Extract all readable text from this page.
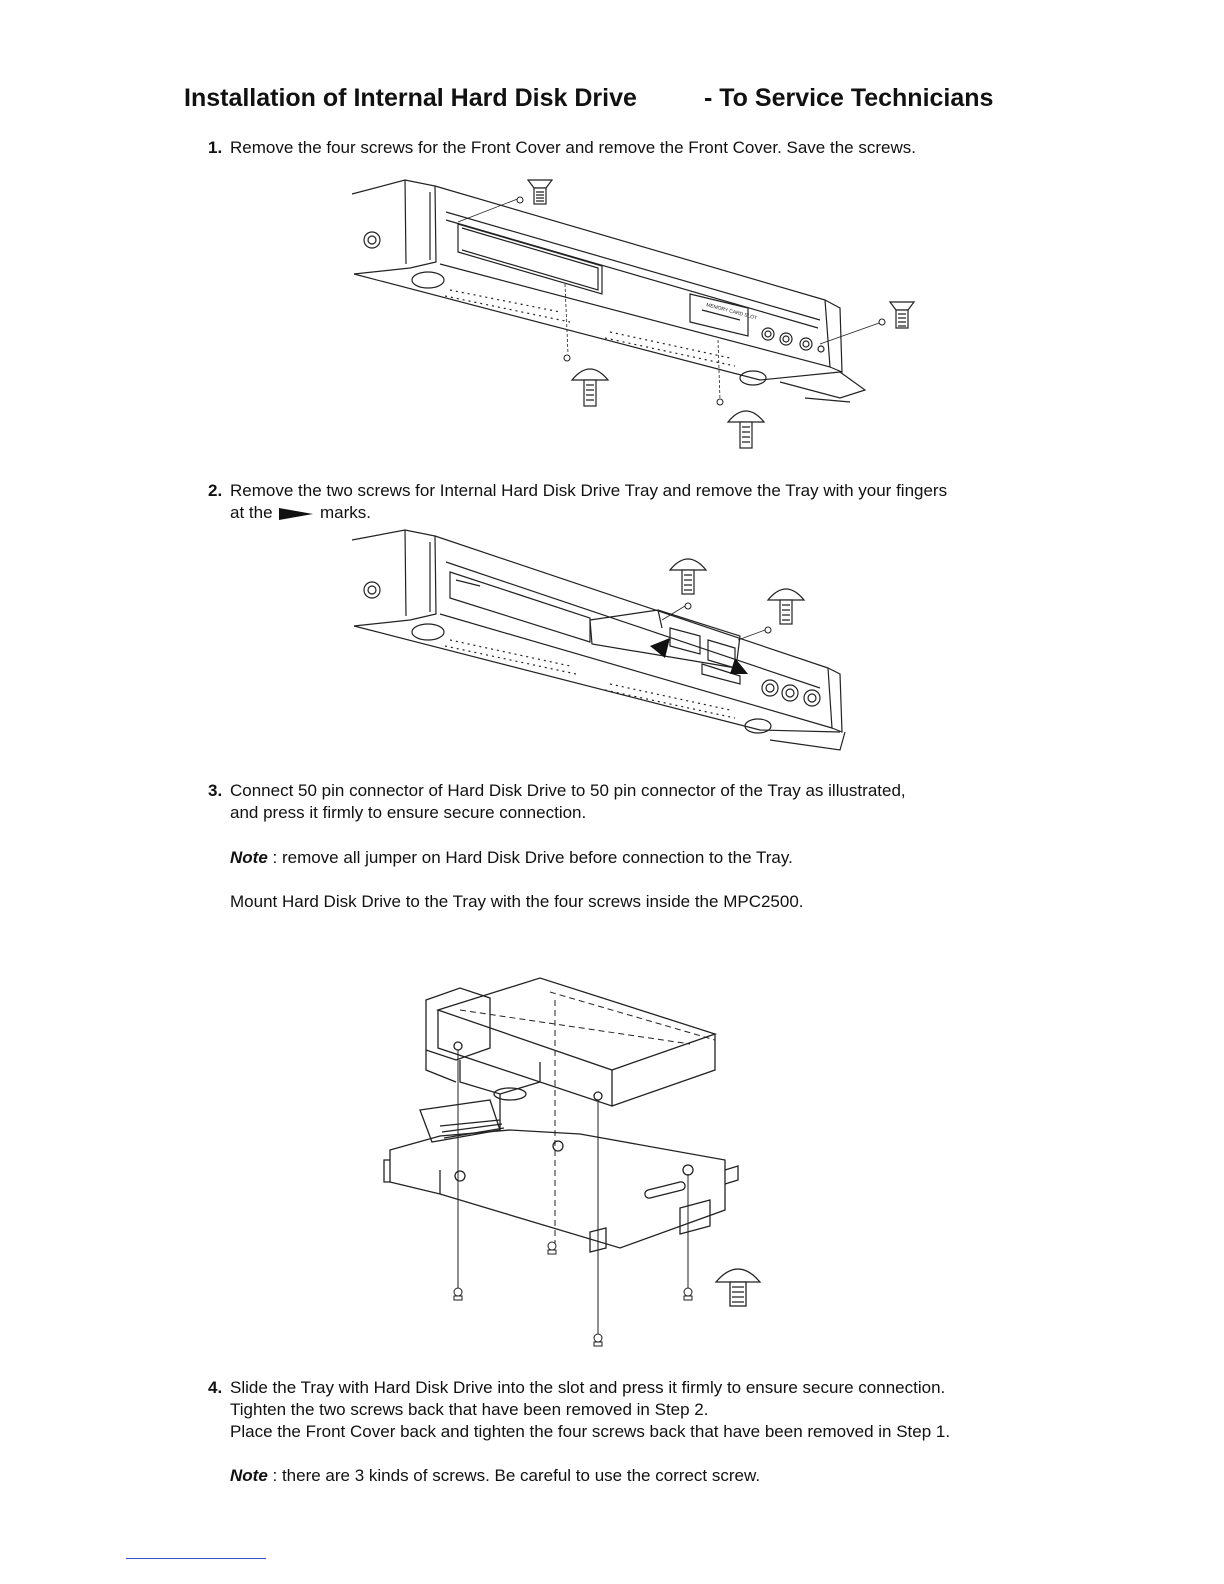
Installation of Internal Hard Disk Drive	- To Service Technicians
1. Remove the four screws for the Front Cover and remove the Front Cover. Save the screws.
MEMORY CARD SLOT
2. Remove the two screws for Internal Hard Disk Drive Tray and remove the Tray with your fingers
at the	marks.
3. Connect 50 pin connector of Hard Disk Drive to 50 pin connector of the Tray as illustrated,
and press it firmly to ensure secure connection.
Note : remove all jumper on Hard Disk Drive before connection to the Tray.
Mount Hard Disk Drive to the Tray with the four screws inside the MPC2500.
4. Slide the Tray with Hard Disk Drive into the slot and press it firmly to ensure secure connection.
Tighten the two screws back that have been removed in Step 2.
Place the Front Cover back and tighten the four screws back that have been removed in Step 1.
Note : there are 3 kinds of screws. Be careful to use the correct screw.
